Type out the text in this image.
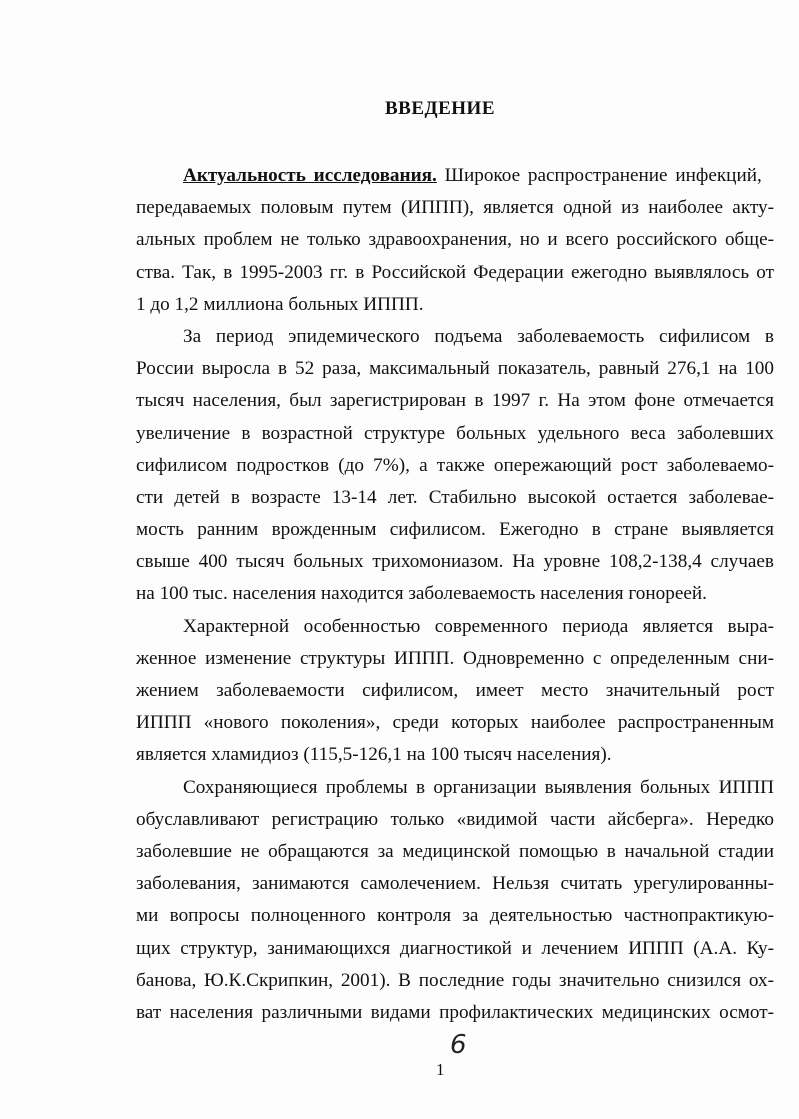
ВВЕДЕНИЕ
Актуальность исследования. Широкое распространение инфекций,
передаваемых половым путем (ИППП), является одной из наиболее акту-
альных проблем не только здравоохранения, но и всего российского обще-
ства. Так, в 1995-2003 гг. в Российской Федерации ежегодно выявлялось от
1 до 1,2 миллиона больных ИППП.
За период эпидемического подъема заболеваемость сифилисом в
России выросла в 52 раза, максимальный показатель, равный 276,1 на 100
тысяч населения, был зарегистрирован в 1997 г. На этом фоне отмечается
увеличение в возрастной структуре больных удельного веса заболевших
сифилисом подростков (до 7%), а также опережающий рост заболеваемо-
сти детей в возрасте 13-14 лет. Стабильно высокой остается заболевае-
мость ранним врожденным сифилисом. Ежегодно в стране выявляется
свыше 400 тысяч больных трихомониазом. На уровне 108,2-138,4 случаев
на 100 тыс. населения находится заболеваемость населения гонореей.
Характерной особенностью современного периода является выра-
женное изменение структуры ИППП. Одновременно с определенным сни-
жением заболеваемости сифилисом, имеет место значительный рост
ИППП «нового поколения», среди которых наиболее распространенным
является хламидиоз (115,5-126,1 на 100 тысяч населения).
Сохраняющиеся проблемы в организации выявления больных ИППП
обуславливают регистрацию только «видимой части айсберга». Нередко
заболевшие не обращаются за медицинской помощью в начальной стадии
заболевания, занимаются самолечением. Нельзя считать урегулированны-
ми вопросы полноценного контроля за деятельностью частнопрактикую-
щих структур, занимающихся диагностикой и лечением ИППП (А.А. Ку-
банова, Ю.К.Скрипкин, 2001). В последние годы значительно снизился ох-
ват населения различными видами профилактических медицинских осмот-
6
1
